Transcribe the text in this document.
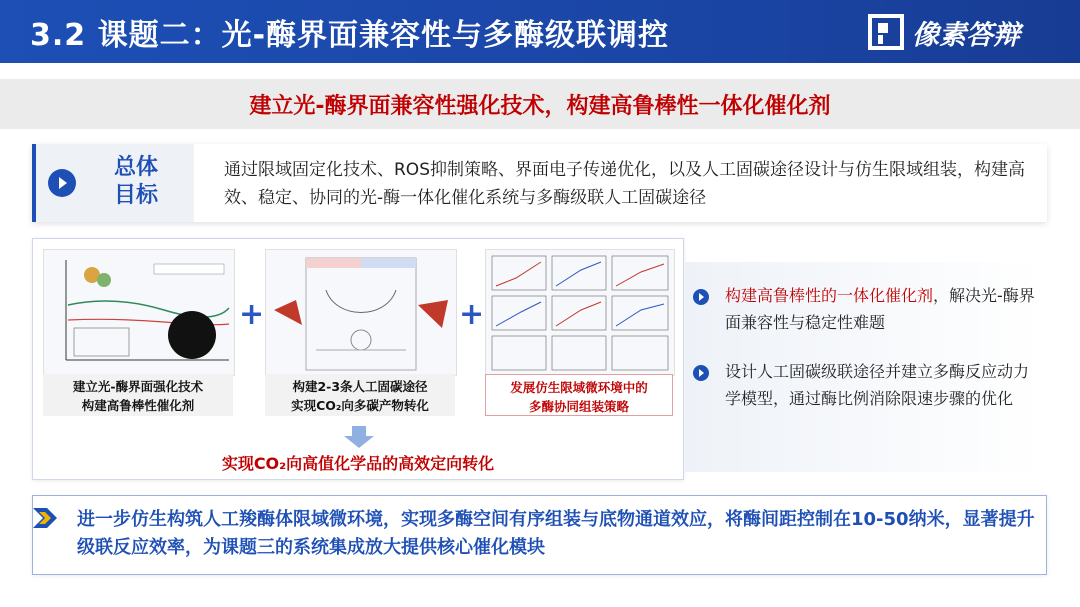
3.2 课题二：光-酶界面兼容性与多酶级联调控	像素答辩
建立光-酶界面兼容性强化技术，构建高鲁棒性一体化催化剂
总体
目标
通过限域固定化技术、ROS抑制策略、界面电子传递优化，以及人工固碳途径设计与仿生限域组装，构建高效、稳定、协同的光-酶一体化催化系统与多酶级联人工固碳途径
+	+
建立光-酶界面强化技术
构建高鲁棒性催化剂
构建2-3条人工固碳途径
实现CO₂向多碳产物转化
发展仿生限域微环境中的
多酶协同组装策略
实现CO₂向高值化学品的高效定向转化
构建高鲁棒性的一体化催化剂，解决光-酶界面兼容性与稳定性难题
设计人工固碳级联途径并建立多酶反应动力学模型，通过酶比例消除限速步骤的优化
进一步仿生构筑人工羧酶体限域微环境，实现多酶空间有序组装与底物通道效应，将酶间距控制在10-50纳米，显著提升级联反应效率，为课题三的系统集成放大提供核心催化模块
